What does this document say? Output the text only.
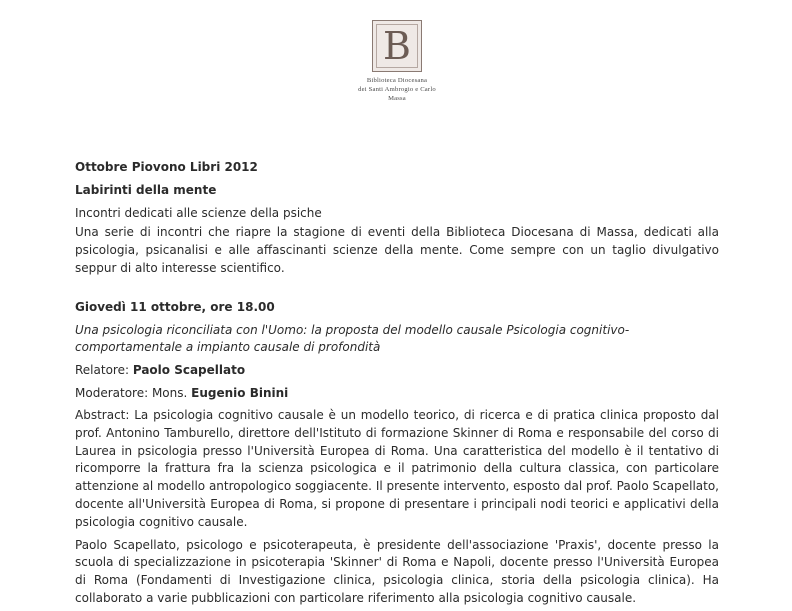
B
Biblioteca Diocesana
dei Santi Ambrogio e Carlo
Massa

Ottobre Piovono Libri 2012

Labirinti della mente

Incontri dedicati alle scienze della psiche

Una serie di incontri che riapre la stagione di eventi della Biblioteca Diocesana di Massa, dedicati alla psicologia, psicanalisi e alle affascinanti scienze della mente. Come sempre con un taglio divulgativo seppur di alto interesse scientifico.

Giovedì 11 ottobre, ore 18.00

Una psicologia riconciliata con l'Uomo: la proposta del modello causale Psicologia cognitivo-comportamentale a impianto causale di profondità

Relatore: Paolo Scapellato

Moderatore: Mons. Eugenio Binini

Abstract: La psicologia cognitivo causale è un modello teorico, di ricerca e di pratica clinica proposto dal prof. Antonino Tamburello, direttore dell'Istituto di formazione Skinner di Roma e responsabile del corso di Laurea in psicologia presso l'Università Europea di Roma. Una caratteristica del modello è il tentativo di ricomporre la frattura fra la scienza psicologica e il patrimonio della cultura classica, con particolare attenzione al modello antropologico soggiacente. Il presente intervento, esposto dal prof. Paolo Scapellato, docente all'Università Europea di Roma, si propone di presentare i principali nodi teorici e applicativi della psicologia cognitivo causale.

Paolo Scapellato, psicologo e psicoterapeuta, è presidente dell'associazione 'Praxis', docente presso la scuola di specializzazione in psicoterapia 'Skinner' di Roma e Napoli, docente presso l'Università Europea di Roma (Fondamenti di Investigazione clinica, psicologia clinica, storia della psicologia clinica). Ha collaborato a varie pubblicazioni con particolare riferimento alla psicologia cognitivo causale.
